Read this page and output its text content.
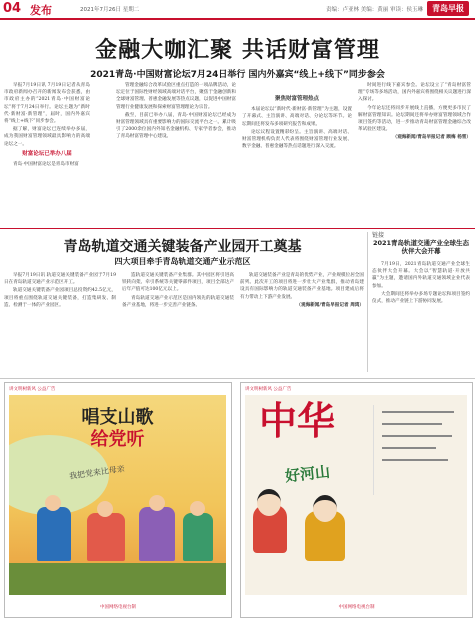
04 发布	2021年7月26日 星期二	责编：卢亚林 美编：黄丽 审读：侯玉琳	青岛早报
金融大咖汇聚 共话财富管理
2021青岛·中国财富论坛7月24日举行 国内外嘉宾“线上+线下”同步参会

早报7月19日讯 7月19日记者从青岛市政府新闻办召开的新闻发布会获悉，由市政府主办的“2021青岛·中国财富论坛”将于7月24日举行。论坛主题为“新时代·新财富·新管理”，届时，国内外嘉宾将“线上+线下”同步参会。

据了解，财富论坛已连续举办多届，成为我国财富管理领域最具影响力的高端论坛之一。

财富论坛已举办八届

青岛·中国财富论坛是青岛市财富

管理金融综合改革试验区重点打造的一项品牌活动，论坛定位于国际性财经领域高端对话平台，聚焦于金融创新和全球财富管理、普惠金融发展等热点议题，以促进中国财富管理行业健康发展和探索财富管理理论为宗旨。

截至，目前已举办八届，青岛·中国财富论坛已经成为财富管理领域具有重要影响力的国际交流平台之一。累计吸引了2000余位国内外知名金融机构、专家学者参会，推动了青岛财富管理中心建设。

聚焦财富管理热点

本届论坛以“新时代·新财富·新管理”为主题，设置了开幕式、主旨演讲、高端对话、分论坛等环节。论坛期间还将发布多项研究报告和成果。

论坛议程设置精彩纷呈。主旨演讲、高端对话、财富管理机构负责人代表将围绕财富管理行业发展、数字金融、普惠金融等热点话题进行深入交流。

时间进行线下嘉宾参会。论坛设立了“青岛财富管理”专场等多场活动，国内外嘉宾将围绕相关议题进行深入探讨。

今年论坛还将同步开展线上直播，方便更多市民了解财富管理知识。论坛期间还将举办财富管理领域合作项目签约等活动，进一步推动青岛财富管理金融综合改革试验区建设。

（观海新闻/青岛早报记者 顾梅 杨雪）

青岛轨道交通关键装备产业园开工奠基
四大项目牵手青岛轨道交通产业示范区

早报7月19日讯 轨道交通关键装备产业园于7月19日在青岛轨道交通产业示范区开工。

轨道交通关键装备产业园项目总投资约42.5亿元，项目将重点围绕轨道交通关键装备，打造集研发、制造、检测于一体的产业园区。

造轨道交通关键装备产业集群。其中园区将引进高铁转向架、牵引系统等关键零部件项目，项目全部达产后年产值可达100亿元以上。

青岛轨道交通产业示范区是国内领先的轨道交通装备产业基地，将进一步完善产业链条。

轨道交通装备产业是青岛的优势产业，产业规模位居全国前列。此次开工的项目将进一步壮大产业集群，推动青岛建设具有国际影响力的轨道交通装备产业基地。项目建成后将有力带动上下游产业发展。

（观海新闻/青岛早报记者 周鸿）

链接
2021青岛轨道交通产业全球生态伙伴大会开幕

7月19日，2021青岛轨道交通产业全球生态伙伴大会开幕。大会以“智慧轨道·开放共赢”为主题，邀请国内外轨道交通领域企业代表参加。

大会期间还将举办多场专题论坛和项目签约仪式，推动产业链上下游协同发展。

讲文明树新风 公益广告
唱支山歌
给党听
我把党来比母亲
中国网络电视台制
讲文明树新风 公益广告
中华
好河山
中国网络电视台制
